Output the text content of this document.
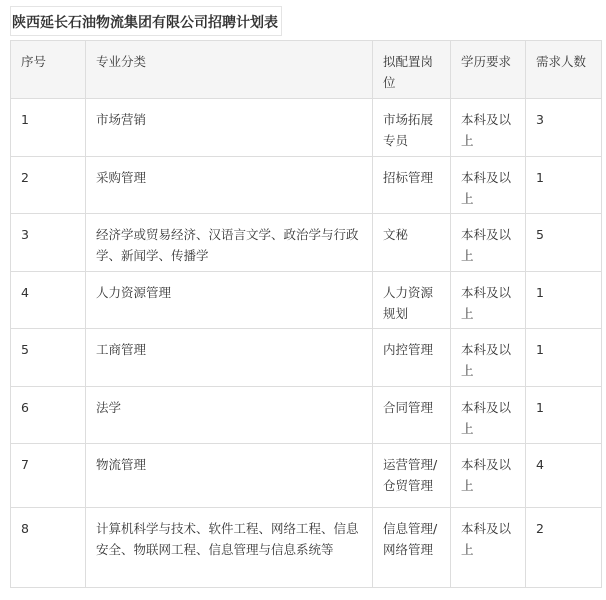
陕西延长石油物流集团有限公司招聘计划表
序号	专业分类	拟配置岗位	学历要求	需求人数
1	市场营销	市场拓展专员	本科及以上	3
2	采购管理	招标管理	本科及以上	1
3	经济学或贸易经济、汉语言文学、政治学与行政学、新闻学、传播学	文秘	本科及以上	5
4	人力资源管理	人力资源规划	本科及以上	1
5	工商管理	内控管理	本科及以上	1
6	法学	合同管理	本科及以上	1
7	物流管理	运营管理/仓贸管理	本科及以上	4
8	计算机科学与技术、软件工程、网络工程、信息安全、物联网工程、信息管理与信息系统等	信息管理/网络管理	本科及以上	2
